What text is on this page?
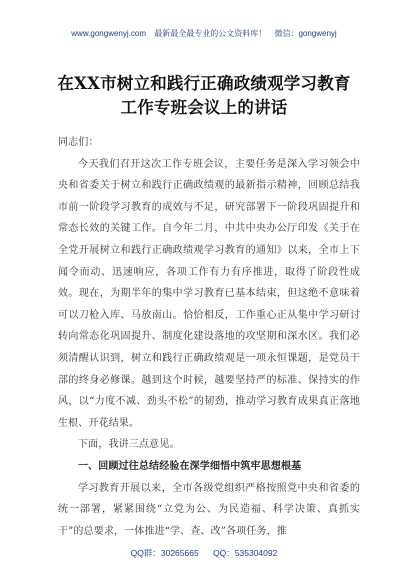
www.gongwenyj.com 最新最全最专业的公文资料库！ 微信：gongwenyj
在XX市树立和践行正确政绩观学习教育
工作专班会议上的讲话

同志们：

今天我们召开这次工作专班会议，主要任务是深入学习领会中央和省委关于树立和践行正确政绩观的最新指示精神，回顾总结我市前一阶段学习教育的成效与不足，研究部署下一阶段巩固提升和常态长效的关键工作。自今年二月，中共中央办公厅印发《关于在全党开展树立和践行正确政绩观学习教育的通知》以来，全市上下闻令而动、迅速响应，各项工作有力有序推进，取得了阶段性成效。现在，为期半年的集中学习教育已基本结束，但这绝不意味着可以刀枪入库、马放南山。恰恰相反，工作重心正从集中学习研讨转向常态化巩固提升、制度化建设落地的攻坚期和深水区。我们必须清醒认识到，树立和践行正确政绩观是一项永恒课题，是党员干部的终身必修课。越到这个时候，越要坚持严的标准、保持实的作风，以“力度不减、劲头不松”的韧劲，推动学习教育成果真正落地生根、开花结果。

下面，我讲三点意见。

一、回顾过往总结经验在深学细悟中筑牢思想根基

学习教育开展以来，全市各级党组织严格按照党中央和省委的统一部署，紧紧围绕“立党为公、为民造福、科学决策、真抓实干”的总要求，一体推进“学、查、改”各项任务，推

QQ群：30265665 QQ：535304092
